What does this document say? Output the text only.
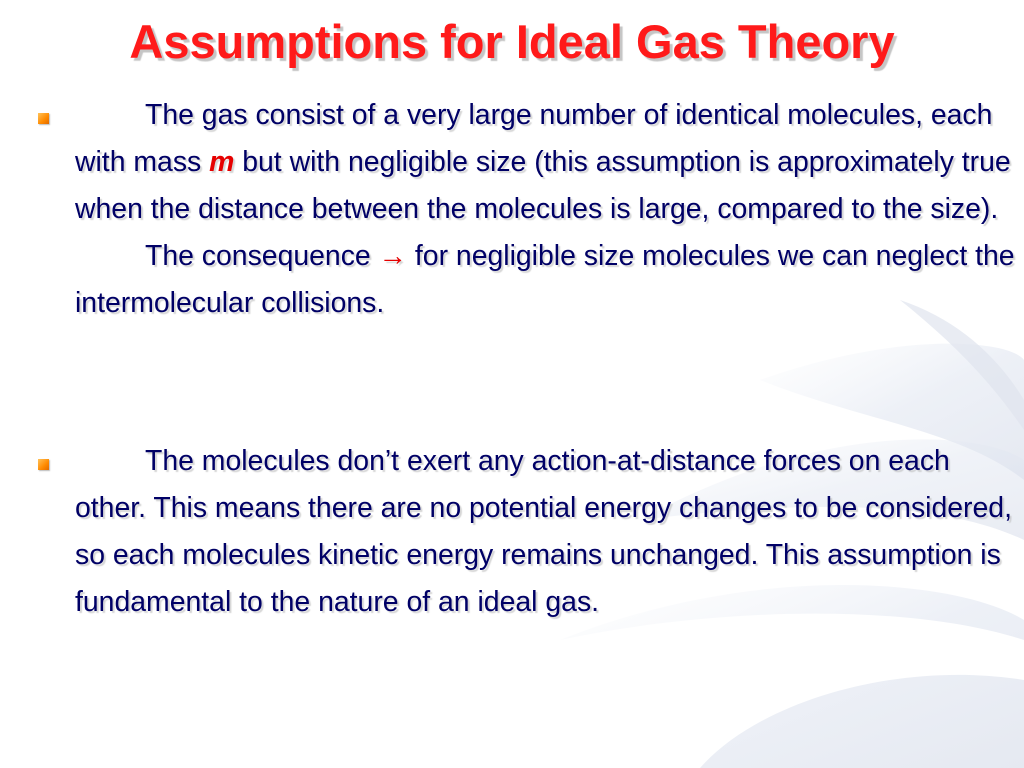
Assumptions for Ideal Gas Theory
The gas consist of a very large number of identical molecules, each with mass m but with negligible size (this assumption is approximately true when the distance between the molecules is large, compared to the size).
The consequence → for negligible size molecules we can neglect the intermolecular collisions.
The molecules don’t exert any action-at-distance forces on each other. This means there are no potential energy changes to be considered, so each molecules kinetic energy remains unchanged. This assumption is fundamental to the nature of an ideal gas.
